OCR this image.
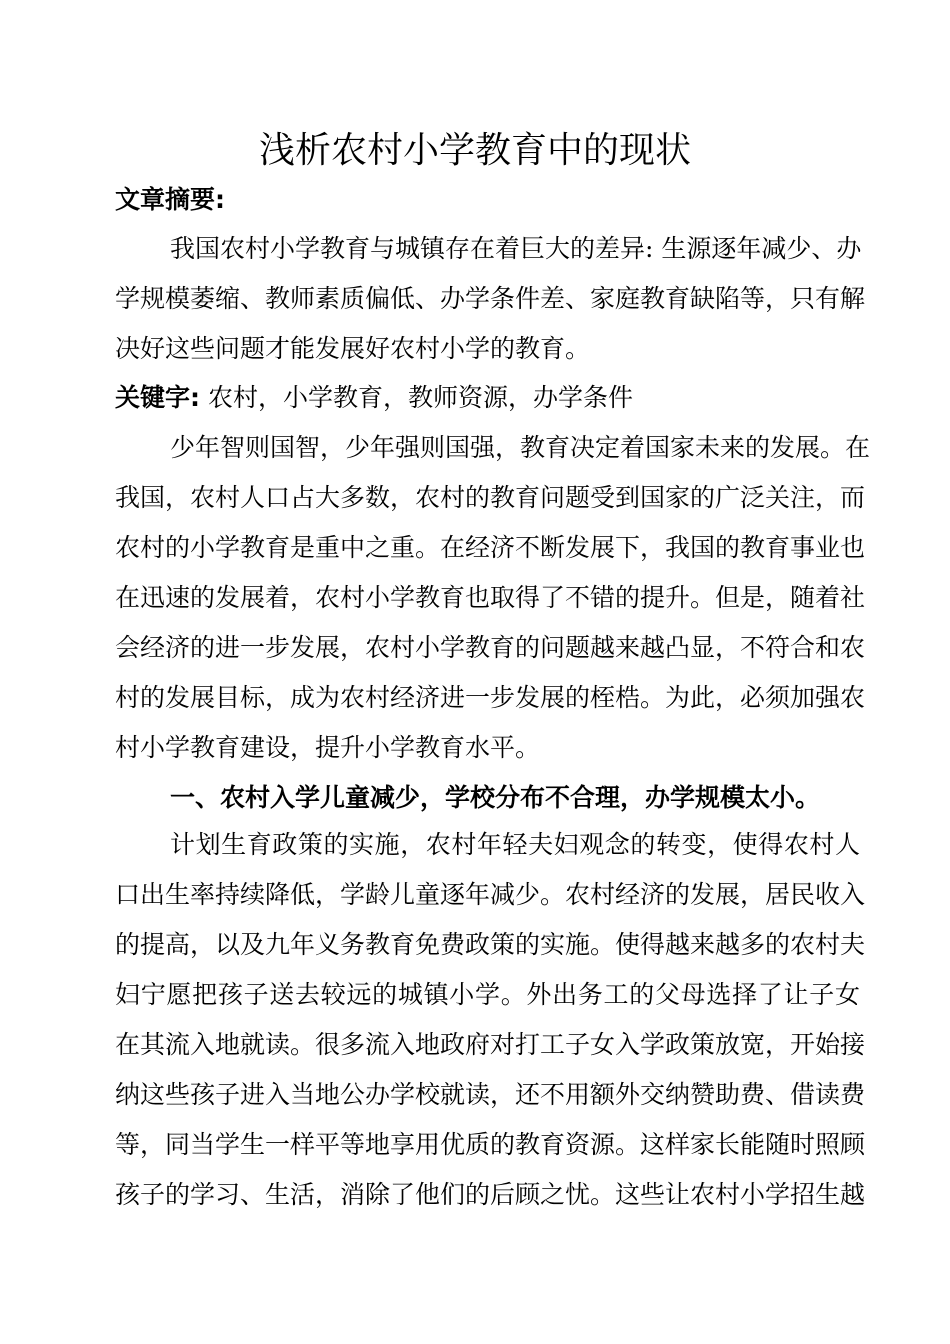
浅析农村小学教育中的现状
文章摘要:
我国农村小学教育与城镇存在着巨大的差异: 生源逐年减少、办
学规模萎缩、教师素质偏低、办学条件差、家庭教育缺陷等，只有解
决好这些问题才能发展好农村小学的教育。
关键字: 农村，小学教育，教师资源，办学条件
少年智则国智，少年强则国强，教育决定着国家未来的发展。在
我国，农村人口占大多数，农村的教育问题受到国家的广泛关注，而
农村的小学教育是重中之重。在经济不断发展下，我国的教育事业也
在迅速的发展着，农村小学教育也取得了不错的提升。但是，随着社
会经济的进一步发展，农村小学教育的问题越来越凸显，不符合和农
村的发展目标，成为农村经济进一步发展的桎梏。为此，必须加强农
村小学教育建设，提升小学教育水平。
一、农村入学儿童减少，学校分布不合理，办学规模太小。
计划生育政策的实施，农村年轻夫妇观念的转变，使得农村人
口出生率持续降低，学龄儿童逐年减少。农村经济的发展，居民收入
的提高，以及九年义务教育免费政策的实施。使得越来越多的农村夫
妇宁愿把孩子送去较远的城镇小学。外出务工的父母选择了让子女
在其流入地就读。很多流入地政府对打工子女入学政策放宽，开始接
纳这些孩子进入当地公办学校就读，还不用额外交纳赞助费、借读费
等，同当学生一样平等地享用优质的教育资源。这样家长能随时照顾
孩子的学习、生活，消除了他们的后顾之忧。这些让农村小学招生越
